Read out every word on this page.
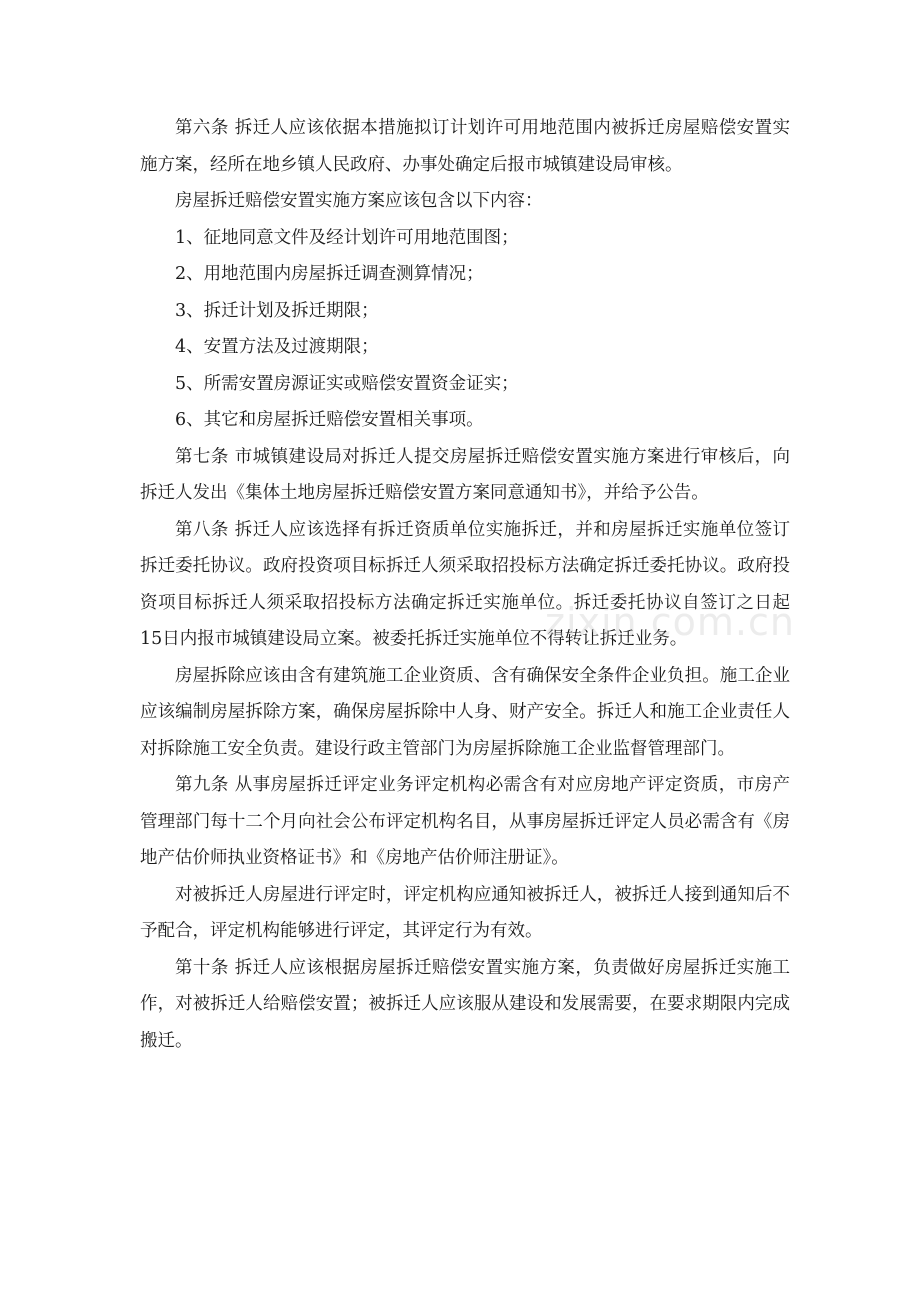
第六条 拆迁人应该依据本措施拟订计划许可用地范围内被拆迁房屋赔偿安置实施方案，经所在地乡镇人民政府、办事处确定后报市城镇建设局审核。

房屋拆迁赔偿安置实施方案应该包含以下内容：

1、征地同意文件及经计划许可用地范围图；

2、用地范围内房屋拆迁调查测算情况；

3、拆迁计划及拆迁期限；

4、安置方法及过渡期限；

5、所需安置房源证实或赔偿安置资金证实；

6、其它和房屋拆迁赔偿安置相关事项。

第七条 市城镇建设局对拆迁人提交房屋拆迁赔偿安置实施方案进行审核后，向拆迁人发出《集体土地房屋拆迁赔偿安置方案同意通知书》，并给予公告。

第八条 拆迁人应该选择有拆迁资质单位实施拆迁，并和房屋拆迁实施单位签订拆迁委托协议。政府投资项目标拆迁人须采取招投标方法确定拆迁委托协议。政府投资项目标拆迁人须采取招投标方法确定拆迁实施单位。拆迁委托协议自签订之日起15日内报市城镇建设局立案。被委托拆迁实施单位不得转让拆迁业务。

房屋拆除应该由含有建筑施工企业资质、含有确保安全条件企业负担。施工企业应该编制房屋拆除方案，确保房屋拆除中人身、财产安全。拆迁人和施工企业责任人对拆除施工安全负责。建设行政主管部门为房屋拆除施工企业监督管理部门。

第九条 从事房屋拆迁评定业务评定机构必需含有对应房地产评定资质，市房产管理部门每十二个月向社会公布评定机构名目，从事房屋拆迁评定人员必需含有《房地产估价师执业资格证书》和《房地产估价师注册证》。

对被拆迁人房屋进行评定时，评定机构应通知被拆迁人，被拆迁人接到通知后不予配合，评定机构能够进行评定，其评定行为有效。

第十条 拆迁人应该根据房屋拆迁赔偿安置实施方案，负责做好房屋拆迁实施工作，对被拆迁人给赔偿安置；被拆迁人应该服从建设和发展需要，在要求期限内完成搬迁。

zixin.com.cn
